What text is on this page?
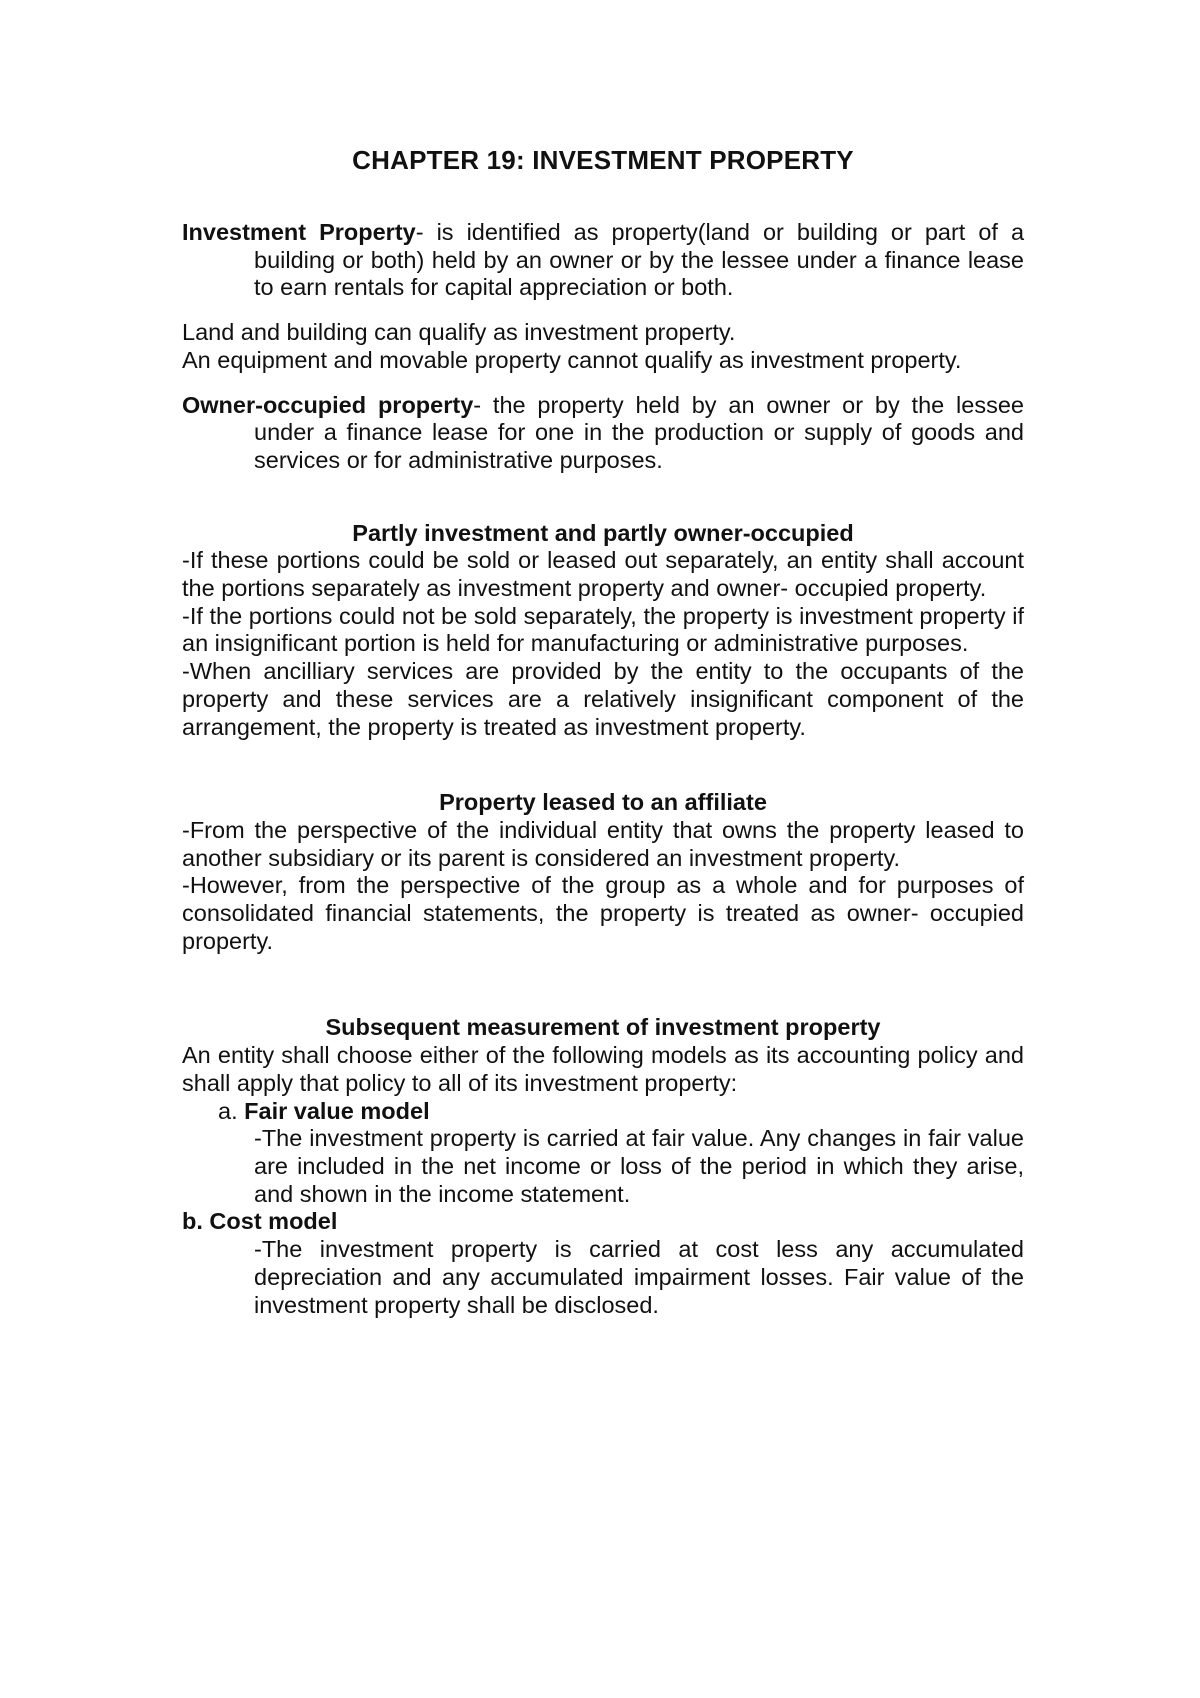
CHAPTER 19: INVESTMENT PROPERTY

Investment Property- is identified as property(land or building or part of a building or both) held by an owner or by the lessee under a finance lease to earn rentals for capital appreciation or both.

Land and building can qualify as investment property.

An equipment and movable property cannot qualify as investment property.

Owner-occupied property- the property held by an owner or by the lessee under a finance lease for one in the production or supply of goods and services or for administrative purposes.

Partly investment and partly owner-occupied

-If these portions could be sold or leased out separately, an entity shall account the portions separately as investment property and owner- occupied property.

-If the portions could not be sold separately, the property is investment property if an insignificant portion is held for manufacturing or administrative purposes.

-When ancilliary services are provided by the entity to the occupants of the property and these services are a relatively insignificant component of the arrangement, the property is treated as investment property.

Property leased to an affiliate

-From the perspective of the individual entity that owns the property leased to another subsidiary or its parent is considered an investment property.

-However, from the perspective of the group as a whole and for purposes of consolidated financial statements, the property is treated as owner- occupied property.

Subsequent measurement of investment property

An entity shall choose either of the following models as its accounting policy and shall apply that policy to all of its investment property:

a. Fair value model

-The investment property is carried at fair value. Any changes in fair value are included in the net income or loss of the period in which they arise, and shown in the income statement.

b. Cost model

-The investment property is carried at cost less any accumulated depreciation and any accumulated impairment losses. Fair value of the investment property shall be disclosed.
